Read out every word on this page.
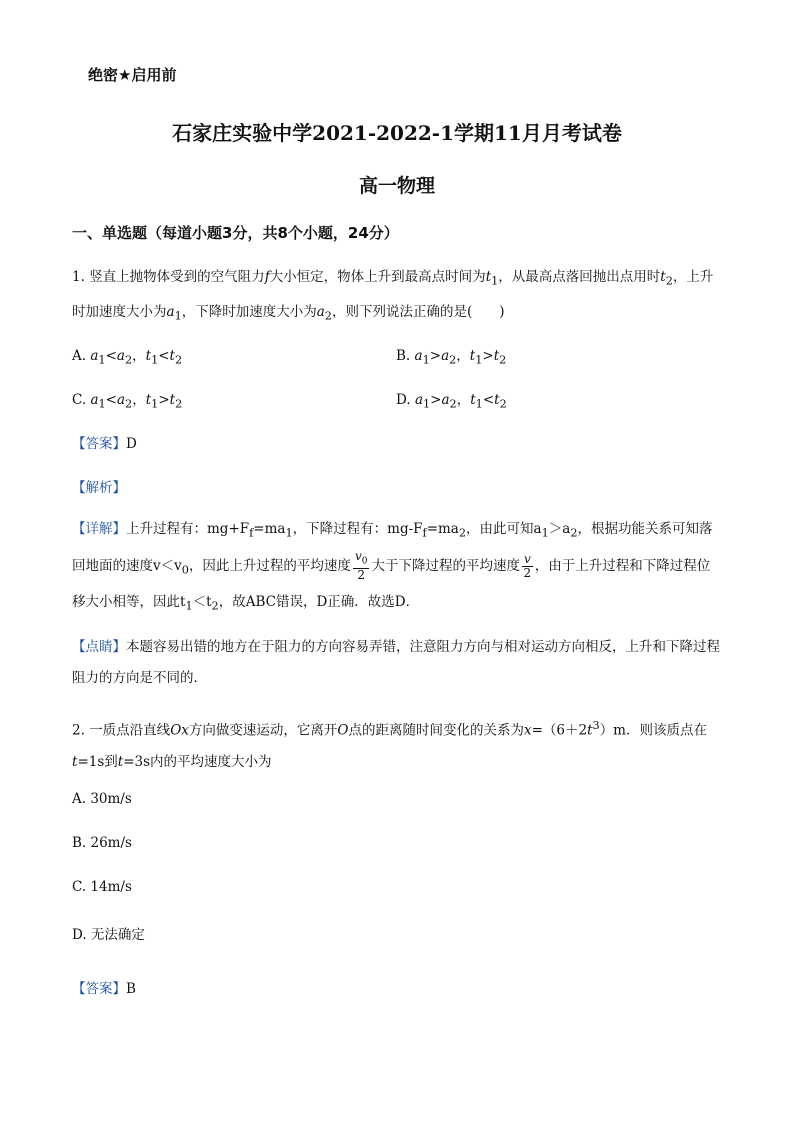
绝密★启用前
石家庄实验中学2021-2022-1学期11月月考试卷
高一物理
一、单选题（每道小题3分，共8个小题，24分）
1. 竖直上抛物体受到的空气阻力f大小恒定，物体上升到最高点时间为$t_1$，从最高点落回抛出点用时$t_2$，上升时加速度大小为$a_1$，下降时加速度大小为$a_2$，则下列说法正确的是(　　)
A. $a_1<a_2$，$t_1<t_2$	B. $a_1>a_2$，$t_1>t_2$
C. $a_1<a_2$，$t_1>t_2$	D. $a_1>a_2$，$t_1<t_2$
【答案】D
【解析】
【详解】上升过程有：$mg+F_f=ma_1$，下降过程有：$mg-F_f=ma_2$，由此可知$a_1>a_2$，根据功能关系可知落回地面的速度$v<v_0$，因此上升过程的平均速度 $\frac{v_0}{2}$ 大于下降过程的平均速度 $\frac{v}{2}$ ，由于上升过程和下降过程位移大小相等，因此$t_1<t_2$，故ABC错误，D正确．故选D．
【点睛】本题容易出错的地方在于阻力的方向容易弄错，注意阻力方向与相对运动方向相反，上升和下降过程阻力的方向是不同的．
2. 一质点沿直线Ox方向做变速运动，它离开O点的距离随时间变化的关系为$x=(6+2t^3)m$．则该质点在t=1s到t=3s内的平均速度大小为
A. 30m/s
B. 26m/s
C. 14m/s
D. 无法确定
【答案】B
